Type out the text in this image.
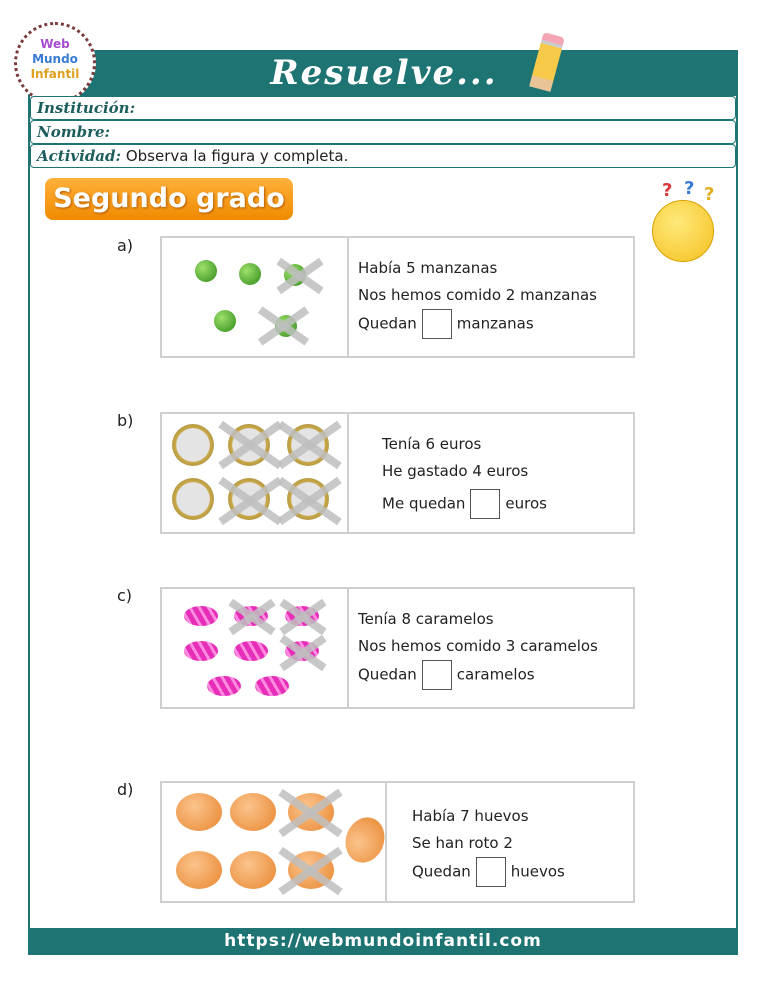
Resuelve...
Web
Mundo
Infantil
Institución:
Nombre:
Actividad: Observa la figura y completa.
Segundo grado	? ? ?
a)
Había 5 manzanas
Nos hemos comido 2 manzanas
Quedan	manzanas
b)
Tenía 6 euros
He gastado 4 euros
Me quedan	euros
c)
Tenía 8 caramelos
Nos hemos comido 3 caramelos
Quedan	caramelos
d)
Había 7 huevos
Se han roto 2
Quedan	huevos
https://webmundoinfantil.com
